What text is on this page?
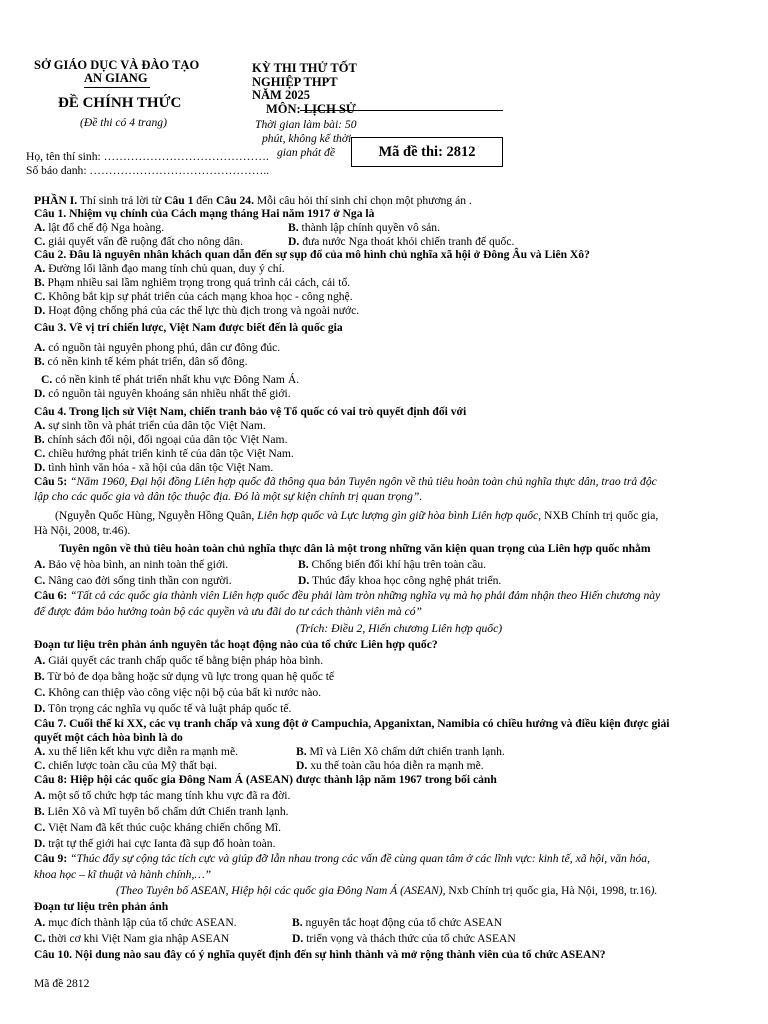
SỞ GIÁO DỤC VÀ ĐÀO TẠO
AN GIANG
ĐỀ CHÍNH THỨC
(Đề thi có 4 trang)
KỲ THI THỬ TỐT
NGHIỆP THPT
NĂM 2025
MÔN: LỊCH SỬ
Thời gian làm bài: 50
phút, không kể thời
gian phát đề	Mã đề thi: 2812
Họ, tên thí sinh: …………………………………….
Số báo danh: ………………………………………..
PHẦN I. Thí sinh trả lời từ Câu 1 đến Câu 24. Mỗi câu hỏi thí sinh chỉ chọn một phương án .
Câu 1. Nhiệm vụ chính của Cách mạng tháng Hai năm 1917 ở Nga là
A. lật đổ chế độ Nga hoàng.	B. thành lập chính quyền vô sản.
C. giải quyết vấn đề ruộng đất cho nông dân.	D. đưa nước Nga thoát khỏi chiến tranh đế quốc.
Câu 2. Đâu là nguyên nhân khách quan dẫn đến sự sụp đổ của mô hình chủ nghĩa xã hội ở Đông Âu và Liên Xô?
A. Đường lối lãnh đạo mang tính chủ quan, duy ý chí.
B. Phạm nhiều sai lầm nghiêm trọng trong quá trình cải cách, cải tổ.
C. Không bắt kịp sự phát triển của cách mạng khoa học - công nghệ.
D. Hoạt động chống phá của các thế lực thù địch trong và ngoài nước.
Câu 3. Về vị trí chiến lược, Việt Nam được biết đến là quốc gia
A. có nguồn tài nguyên phong phú, dân cư đông đúc.
B. có nền kinh tế kém phát triển, dân số đông.
C. có nền kinh tế phát triển nhất khu vực Đông Nam Á.
D. có nguồn tài nguyên khoáng sản nhiều nhất thế giới.
Câu 4. Trong lịch sử Việt Nam, chiến tranh bảo vệ Tổ quốc có vai trò quyết định đối với
A. sự sinh tồn và phát triển của dân tộc Việt Nam.
B. chính sách đối nội, đối ngoại của dân tộc Việt Nam.
C. chiều hướng phát triển kinh tế của dân tộc Việt Nam.
D. tình hình văn hóa - xã hội của dân tộc Việt Nam.
Câu 5: “Năm 1960, Đại hội đồng Liên hợp quốc đã thông qua bản Tuyên ngôn về thủ tiêu hoàn toàn chủ nghĩa thực dân, trao trả độc
lập cho các quốc gia và dân tộc thuộc địa. Đó là một sự kiện chính trị quan trọng”.
(Nguyễn Quốc Hùng, Nguyễn Hồng Quân, Liên hợp quốc và Lực lượng gìn giữ hòa bình Liên hợp quốc, NXB Chính trị quốc gia,
Hà Nội, 2008, tr.46).
Tuyên ngôn về thủ tiêu hoàn toàn chủ nghĩa thực dân là một trong những văn kiện quan trọng của Liên hợp quốc nhằm
A. Bảo vệ hòa bình, an ninh toàn thế giới.	B. Chống biến đổi khí hậu trên toàn cầu.
C. Nâng cao đời sống tinh thần con người.	D. Thúc đẩy khoa học công nghệ phát triển.
Câu 6: “Tất cả các quốc gia thành viên Liên hợp quốc đều phải làm tròn những nghĩa vụ mà họ phải đảm nhận theo Hiến chương này
để được đảm bảo hưởng toàn bộ các quyền và ưu đãi do tư cách thành viên mà có”
(Trích: Điều 2, Hiến chương Liên hợp quốc)
Đoạn tư liệu trên phản ánh nguyên tắc hoạt động nào của tổ chức Liên hợp quốc?
A. Giải quyết các tranh chấp quốc tế bằng biện pháp hòa bình.
B. Từ bỏ đe dọa bằng hoặc sử dụng vũ lực trong quan hệ quốc tế
C. Không can thiệp vào công việc nội bộ của bất kì nước nào.
D. Tôn trọng các nghĩa vụ quốc tế và luật pháp quốc tế.
Câu 7. Cuối thế kỉ XX, các vụ tranh chấp và xung đột ở Campuchia, Apganixtan, Namibia có chiều hướng và điều kiện được giải
quyết một cách hòa bình là do
A. xu thế liên kết khu vực diễn ra mạnh mẽ.	B. Mĩ và Liên Xô chấm dứt chiến tranh lạnh.
C. chiến lược toàn cầu của Mỹ thất bại.	D. xu thế toàn cầu hóa diễn ra mạnh mẽ.
Câu 8: Hiệp hội các quốc gia Đông Nam Á (ASEAN) được thành lập năm 1967 trong bối cảnh
A. một số tổ chức hợp tác mang tính khu vực đã ra đời.
B. Liên Xô và Mĩ tuyên bố chấm dứt Chiến tranh lạnh.
C. Việt Nam đã kết thúc cuộc kháng chiến chống Mĩ.
D. trật tự thế giới hai cực Ianta đã sụp đổ hoàn toàn.
Câu 9: “Thúc đẩy sự cộng tác tích cực và giúp đỡ lẫn nhau trong các vấn đề cùng quan tâm ở các lĩnh vực: kinh tế, xã hội, văn hóa,
khoa học – kĩ thuật và hành chính,…”
(Theo Tuyên bố ASEAN, Hiệp hội các quốc gia Đông Nam Á (ASEAN), Nxb Chính trị quốc gia, Hà Nội, 1998, tr.16).
Đoạn tư liệu trên phản ánh
A. mục đích thành lập của tổ chức ASEAN.	B. nguyên tắc hoạt động của tổ chức ASEAN
C. thời cơ khi Việt Nam gia nhập ASEAN	D. triển vọng và thách thức của tổ chức ASEAN
Câu 10. Nội dung nào sau đây có ý nghĩa quyết định đến sự hình thành và mở rộng thành viên của tổ chức ASEAN?
Mã đề 2812
